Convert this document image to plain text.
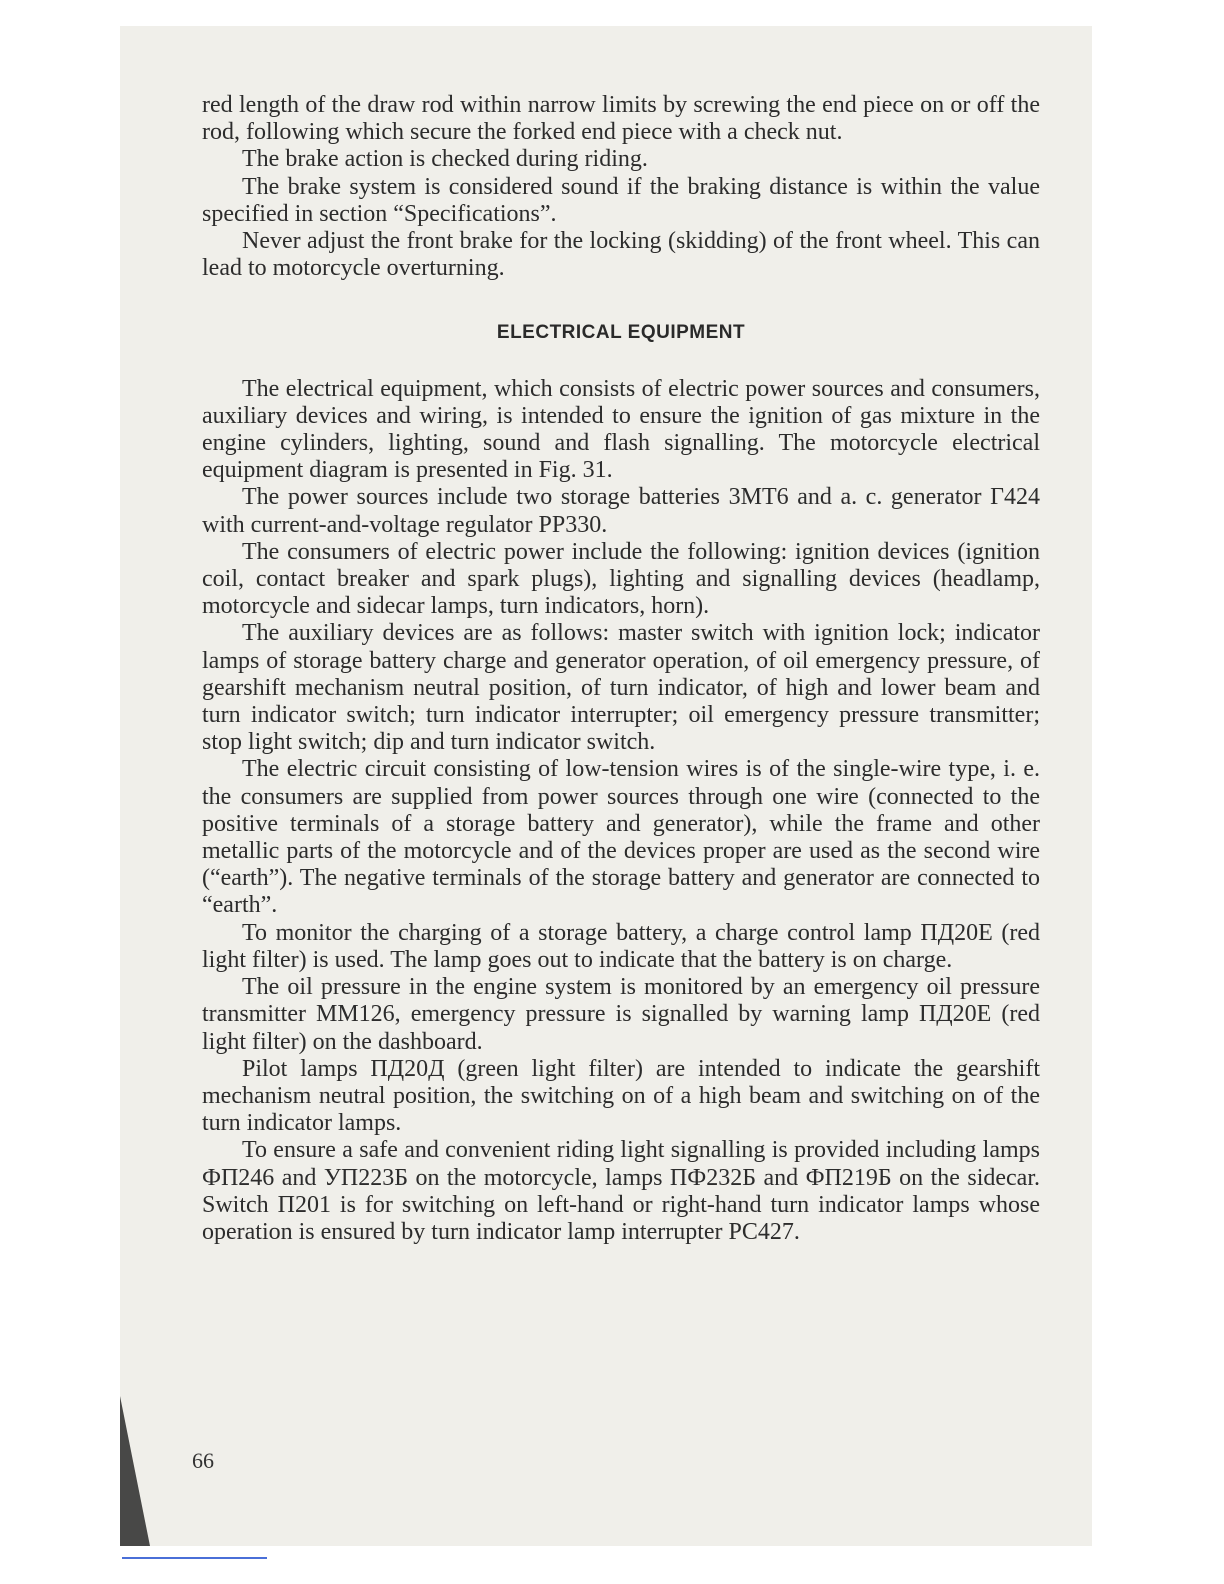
red length of the draw rod within narrow limits by screwing the end piece on or off the rod, following which secure the forked end piece with a check nut.

The brake action is checked during riding.

The brake system is considered sound if the braking distance is within the value specified in section “Specifications”.

Never adjust the front brake for the locking (skidding) of the front wheel. This can lead to motorcycle overturning.

ELECTRICAL EQUIPMENT

The electrical equipment, which consists of electric power sources and consumers, auxiliary devices and wiring, is intended to ensure the ignition of gas mixture in the engine cylinders, lighting, sound and flash signalling. The motorcycle electrical equipment diagram is presented in Fig. 31.

The power sources include two storage batteries 3MT6 and a. c. generator Г424 with current-and-voltage regulator PP330.

The consumers of electric power include the following: ignition devices (ignition coil, contact breaker and spark plugs), lighting and signalling devices (headlamp, motorcycle and sidecar lamps, turn indicators, horn).

The auxiliary devices are as follows: master switch with ignition lock; indicator lamps of storage battery charge and generator operation, of oil emergency pressure, of gearshift mechanism neutral position, of turn indicator, of high and lower beam and turn indicator switch; turn indicator interrupter; oil emergency pressure transmitter; stop light switch; dip and turn indicator switch.

The electric circuit consisting of low-tension wires is of the single-wire type, i. e. the consumers are supplied from power sources through one wire (connected to the positive terminals of a storage battery and generator), while the frame and other metallic parts of the motorcycle and of the devices proper are used as the second wire (“earth”). The negative terminals of the storage battery and generator are connected to “earth”.

To monitor the charging of a storage battery, a charge control lamp ПД20E (red light filter) is used. The lamp goes out to indicate that the battery is on charge.

The oil pressure in the engine system is monitored by an emergency oil pressure transmitter MM126, emergency pressure is signalled by warning lamp ПД20E (red light filter) on the dashboard.

Pilot lamps ПД20Д (green light filter) are intended to indicate the gearshift mechanism neutral position, the switching on of a high beam and switching on of the turn indicator lamps.

To ensure a safe and convenient riding light signalling is provided including lamps ФП246 and УП223Б on the motorcycle, lamps ПФ232Б and ФП219Б on the sidecar. Switch П201 is for switching on left-hand or right-hand turn indicator lamps whose operation is ensured by turn indicator lamp interrupter PC427.

66
